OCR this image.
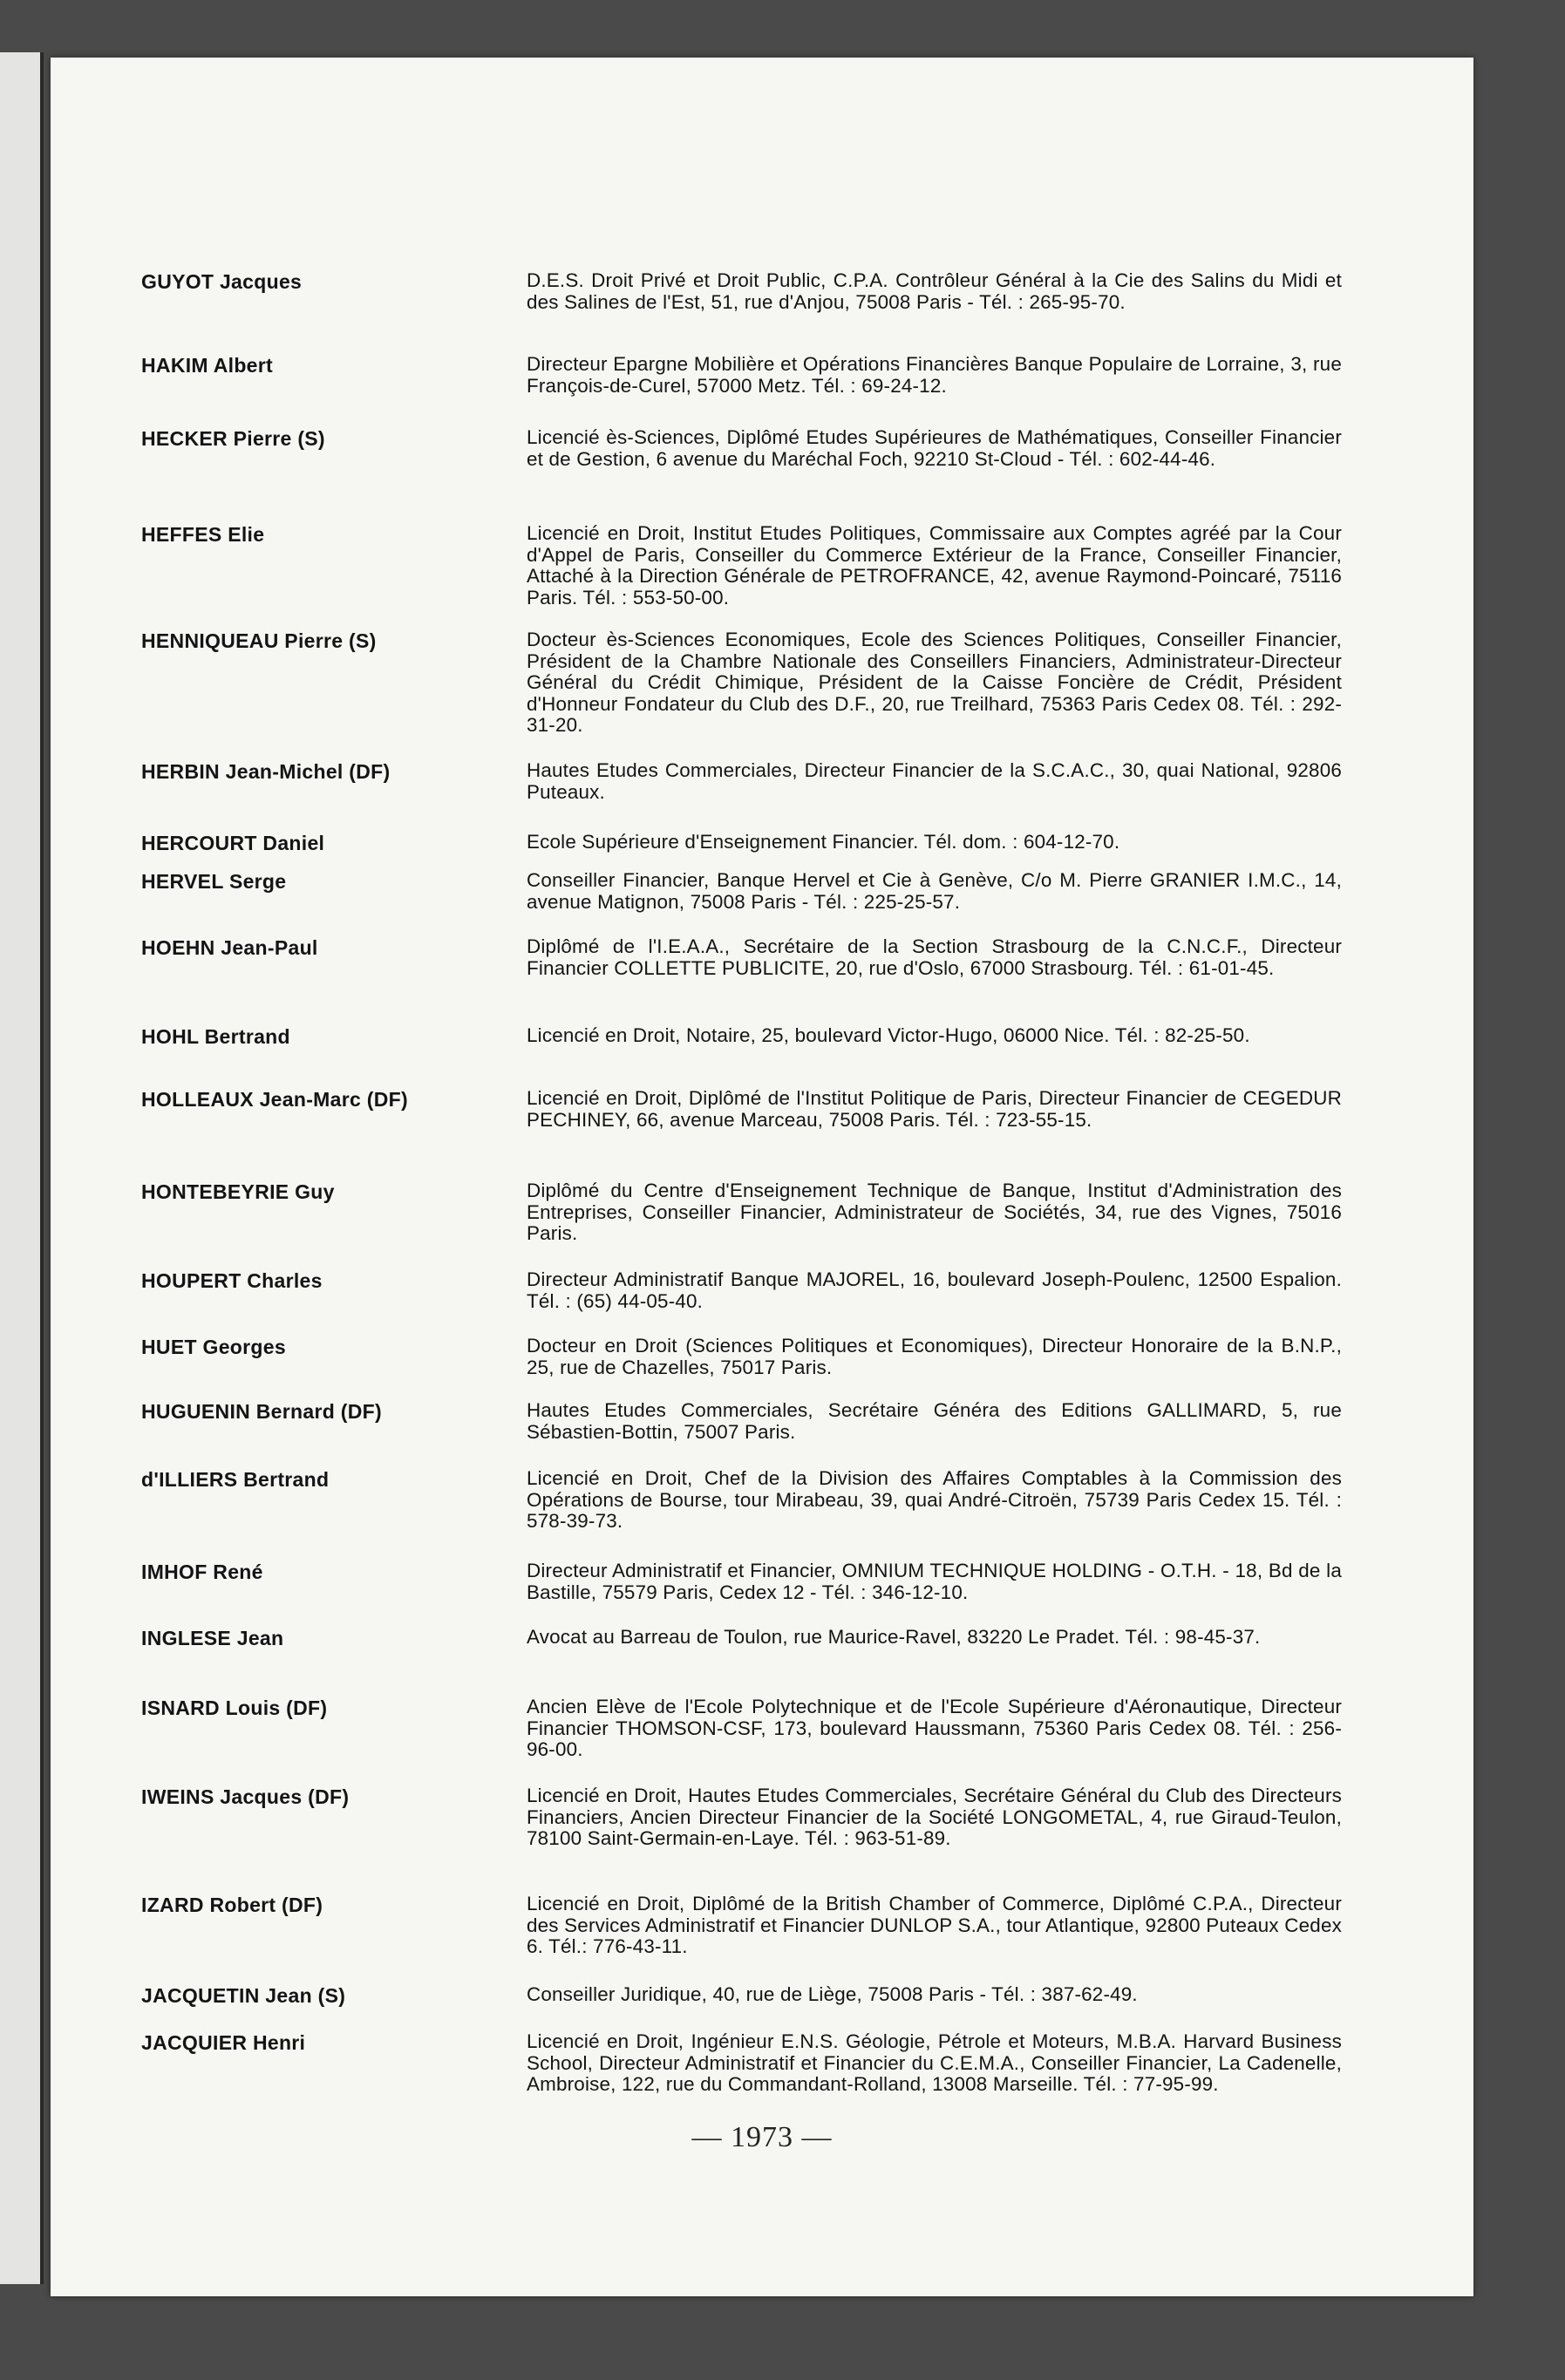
GUYOT Jacques	D.E.S. Droit Privé et Droit Public, C.P.A. Contrôleur Général à la Cie des Salins du Midi et des Salines de l'Est, 51, rue d'Anjou, 75008 Paris - Tél. : 265-95-70.
HAKIM Albert	Directeur Epargne Mobilière et Opérations Financières Banque Populaire de Lorraine, 3, rue François-de-Curel, 57000 Metz. Tél. : 69-24-12.
HECKER Pierre (S)	Licencié ès-Sciences, Diplômé Etudes Supérieures de Mathématiques, Conseiller Financier et de Gestion, 6 avenue du Maréchal Foch, 92210 St-Cloud - Tél. : 602-44-46.
HEFFES Elie	Licencié en Droit, Institut Etudes Politiques, Commissaire aux Comptes agréé par la Cour d'Appel de Paris, Conseiller du Commerce Extérieur de la France, Conseiller Financier, Attaché à la Direction Générale de PETROFRANCE, 42, avenue Raymond-Poincaré, 75116 Paris. Tél. : 553-50-00.
HENNIQUEAU Pierre (S)	Docteur ès-Sciences Economiques, Ecole des Sciences Politiques, Conseiller Financier, Président de la Chambre Nationale des Conseillers Financiers, Administrateur-Directeur Général du Crédit Chimique, Président de la Caisse Foncière de Crédit, Président d'Honneur Fondateur du Club des D.F., 20, rue Treilhard, 75363 Paris Cedex 08. Tél. : 292-31-20.
HERBIN Jean-Michel (DF)	Hautes Etudes Commerciales, Directeur Financier de la S.C.A.C., 30, quai National, 92806 Puteaux.
HERCOURT Daniel	Ecole Supérieure d'Enseignement Financier. Tél. dom. : 604-12-70.
HERVEL Serge	Conseiller Financier, Banque Hervel et Cie à Genève, C/o M. Pierre GRANIER I.M.C., 14, avenue Matignon, 75008 Paris - Tél. : 225-25-57.
HOEHN Jean-Paul	Diplômé de l'I.E.A.A., Secrétaire de la Section Strasbourg de la C.N.C.F., Directeur Financier COLLETTE PUBLICITE, 20, rue d'Oslo, 67000 Strasbourg. Tél. : 61-01-45.
HOHL Bertrand	Licencié en Droit, Notaire, 25, boulevard Victor-Hugo, 06000 Nice. Tél. : 82-25-50.
HOLLEAUX Jean-Marc (DF)	Licencié en Droit, Diplômé de l'Institut Politique de Paris, Directeur Financier de CEGEDUR PECHINEY, 66, avenue Marceau, 75008 Paris. Tél. : 723-55-15.
HONTEBEYRIE Guy	Diplômé du Centre d'Enseignement Technique de Banque, Institut d'Administration des Entreprises, Conseiller Financier, Administrateur de Sociétés, 34, rue des Vignes, 75016 Paris.
HOUPERT Charles	Directeur Administratif Banque MAJOREL, 16, boulevard Joseph-Poulenc, 12500 Espalion. Tél. : (65) 44-05-40.
HUET Georges	Docteur en Droit (Sciences Politiques et Economiques), Directeur Honoraire de la B.N.P., 25, rue de Chazelles, 75017 Paris.
HUGUENIN Bernard (DF)	Hautes Etudes Commerciales, Secrétaire Généra des Editions GALLIMARD, 5, rue Sébastien-Bottin, 75007 Paris.
d'ILLIERS Bertrand	Licencié en Droit, Chef de la Division des Affaires Comptables à la Commission des Opérations de Bourse, tour Mirabeau, 39, quai André-Citroën, 75739 Paris Cedex 15. Tél. : 578-39-73.
IMHOF René	Directeur Administratif et Financier, OMNIUM TECHNIQUE HOLDING - O.T.H. - 18, Bd de la Bastille, 75579 Paris, Cedex 12 - Tél. : 346-12-10.
INGLESE Jean	Avocat au Barreau de Toulon, rue Maurice-Ravel, 83220 Le Pradet. Tél. : 98-45-37.
ISNARD Louis (DF)	Ancien Elève de l'Ecole Polytechnique et de l'Ecole Supérieure d'Aéronautique, Directeur Financier THOMSON-CSF, 173, boulevard Haussmann, 75360 Paris Cedex 08. Tél. : 256-96-00.
IWEINS Jacques (DF)	Licencié en Droit, Hautes Etudes Commerciales, Secrétaire Général du Club des Directeurs Financiers, Ancien Directeur Financier de la Société LONGOMETAL, 4, rue Giraud-Teulon, 78100 Saint-Germain-en-Laye. Tél. : 963-51-89.
IZARD Robert (DF)	Licencié en Droit, Diplômé de la British Chamber of Commerce, Diplômé C.P.A., Directeur des Services Administratif et Financier DUNLOP S.A., tour Atlantique, 92800 Puteaux Cedex 6. Tél.: 776-43-11.
JACQUETIN Jean (S)	Conseiller Juridique, 40, rue de Liège, 75008 Paris - Tél. : 387-62-49.
JACQUIER Henri	Licencié en Droit, Ingénieur E.N.S. Géologie, Pétrole et Moteurs, M.B.A. Harvard Business School, Directeur Administratif et Financier du C.E.M.A., Conseiller Financier, La Cadenelle, Ambroise, 122, rue du Commandant-Rolland, 13008 Marseille. Tél. : 77-95-99.
— 1973 —
